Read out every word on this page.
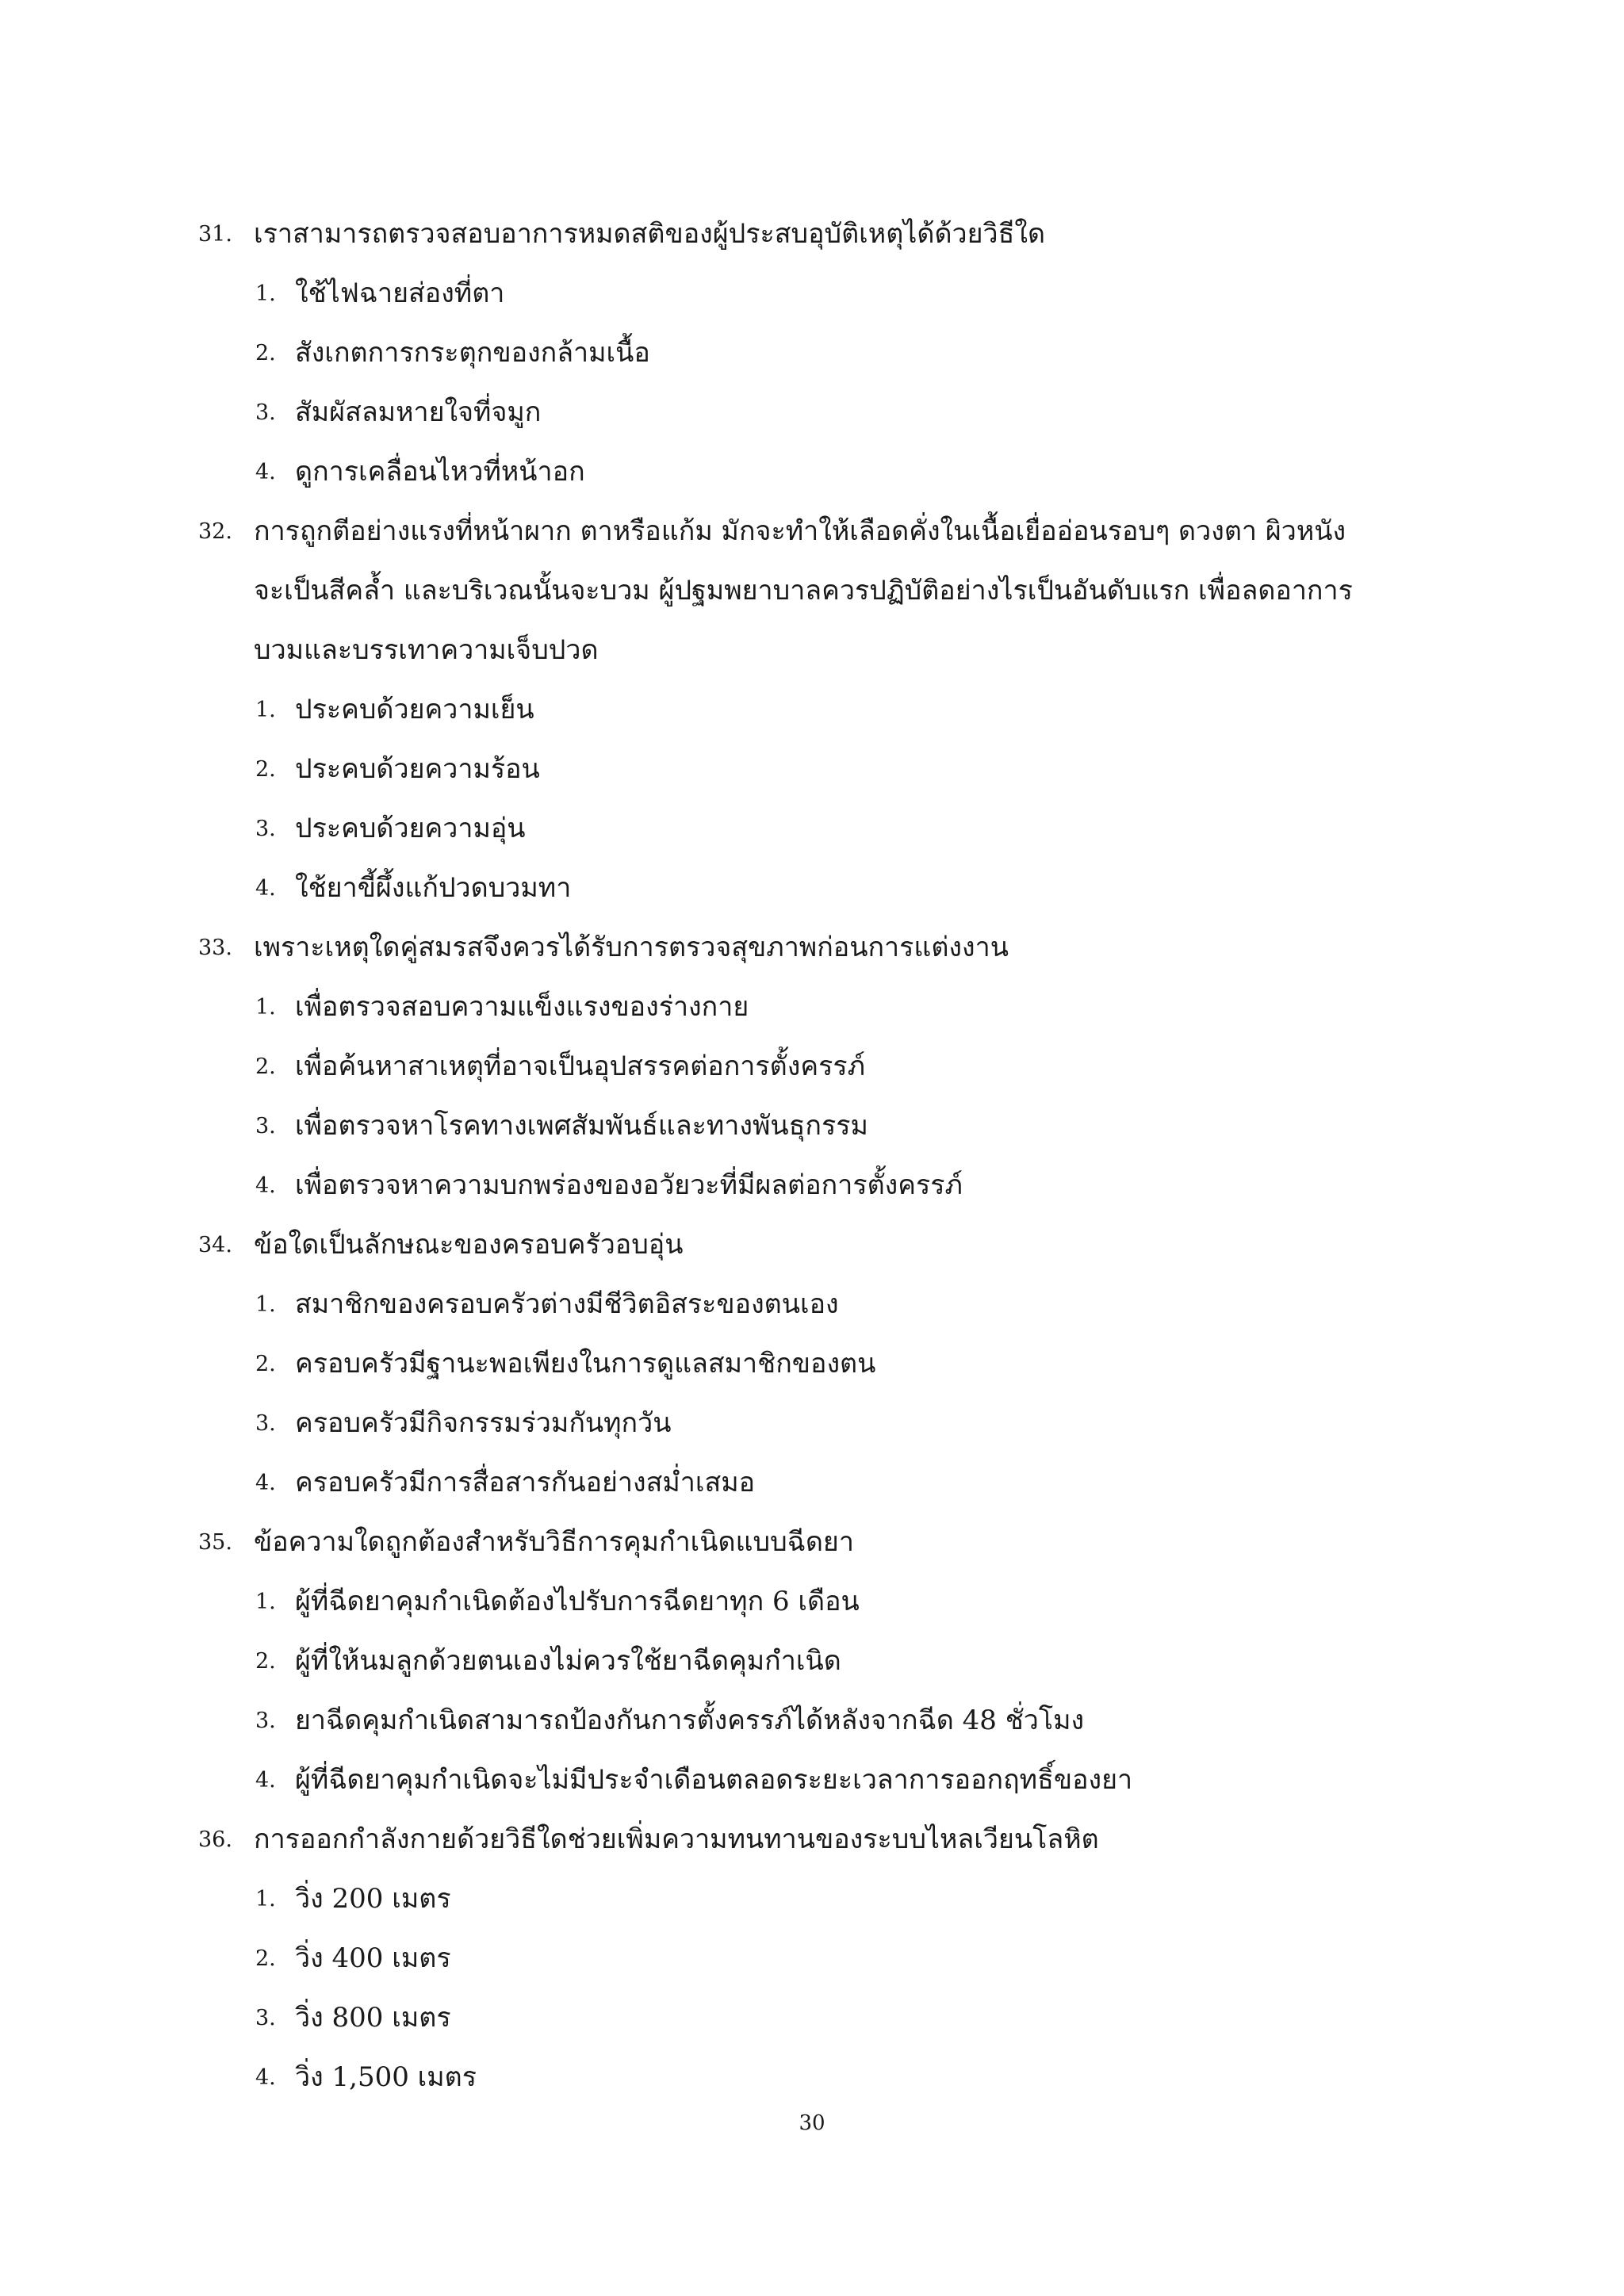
31. เราสามารถตรวจสอบอาการหมดสติของผู้ประสบอุบัติเหตุได้ด้วยวิธีใด
1. ใช้ไฟฉายส่องที่ตา
2. สังเกตการกระตุกของกล้ามเนื้อ
3. สัมผัสลมหายใจที่จมูก
4. ดูการเคลื่อนไหวที่หน้าอก
32. การถูกตีอย่างแรงที่หน้าผาก ตาหรือแก้ม มักจะทำให้เลือดคั่งในเนื้อเยื่ออ่อนรอบๆ ดวงตา ผิวหนัง
จะเป็นสีคล้ำ และบริเวณนั้นจะบวม ผู้ปฐมพยาบาลควรปฏิบัติอย่างไรเป็นอันดับแรก เพื่อลดอาการ
บวมและบรรเทาความเจ็บปวด
1. ประคบด้วยความเย็น
2. ประคบด้วยความร้อน
3. ประคบด้วยความอุ่น
4. ใช้ยาขี้ผึ้งแก้ปวดบวมทา
33. เพราะเหตุใดคู่สมรสจึงควรได้รับการตรวจสุขภาพก่อนการแต่งงาน
1. เพื่อตรวจสอบความแข็งแรงของร่างกาย
2. เพื่อค้นหาสาเหตุที่อาจเป็นอุปสรรคต่อการตั้งครรภ์
3. เพื่อตรวจหาโรคทางเพศสัมพันธ์และทางพันธุกรรม
4. เพื่อตรวจหาความบกพร่องของอวัยวะที่มีผลต่อการตั้งครรภ์
34. ข้อใดเป็นลักษณะของครอบครัวอบอุ่น
1. สมาชิกของครอบครัวต่างมีชีวิตอิสระของตนเอง
2. ครอบครัวมีฐานะพอเพียงในการดูแลสมาชิกของตน
3. ครอบครัวมีกิจกรรมร่วมกันทุกวัน
4. ครอบครัวมีการสื่อสารกันอย่างสม่ำเสมอ
35. ข้อความใดถูกต้องสำหรับวิธีการคุมกำเนิดแบบฉีดยา
1. ผู้ที่ฉีดยาคุมกำเนิดต้องไปรับการฉีดยาทุก 6 เดือน
2. ผู้ที่ให้นมลูกด้วยตนเองไม่ควรใช้ยาฉีดคุมกำเนิด
3. ยาฉีดคุมกำเนิดสามารถป้องกันการตั้งครรภ์ได้หลังจากฉีด 48 ชั่วโมง
4. ผู้ที่ฉีดยาคุมกำเนิดจะไม่มีประจำเดือนตลอดระยะเวลาการออกฤทธิ์ของยา
36. การออกกำลังกายด้วยวิธีใดช่วยเพิ่มความทนทานของระบบไหลเวียนโลหิต
1. วิ่ง 200 เมตร
2. วิ่ง 400 เมตร
3. วิ่ง 800 เมตร
4. วิ่ง 1,500 เมตร
30
